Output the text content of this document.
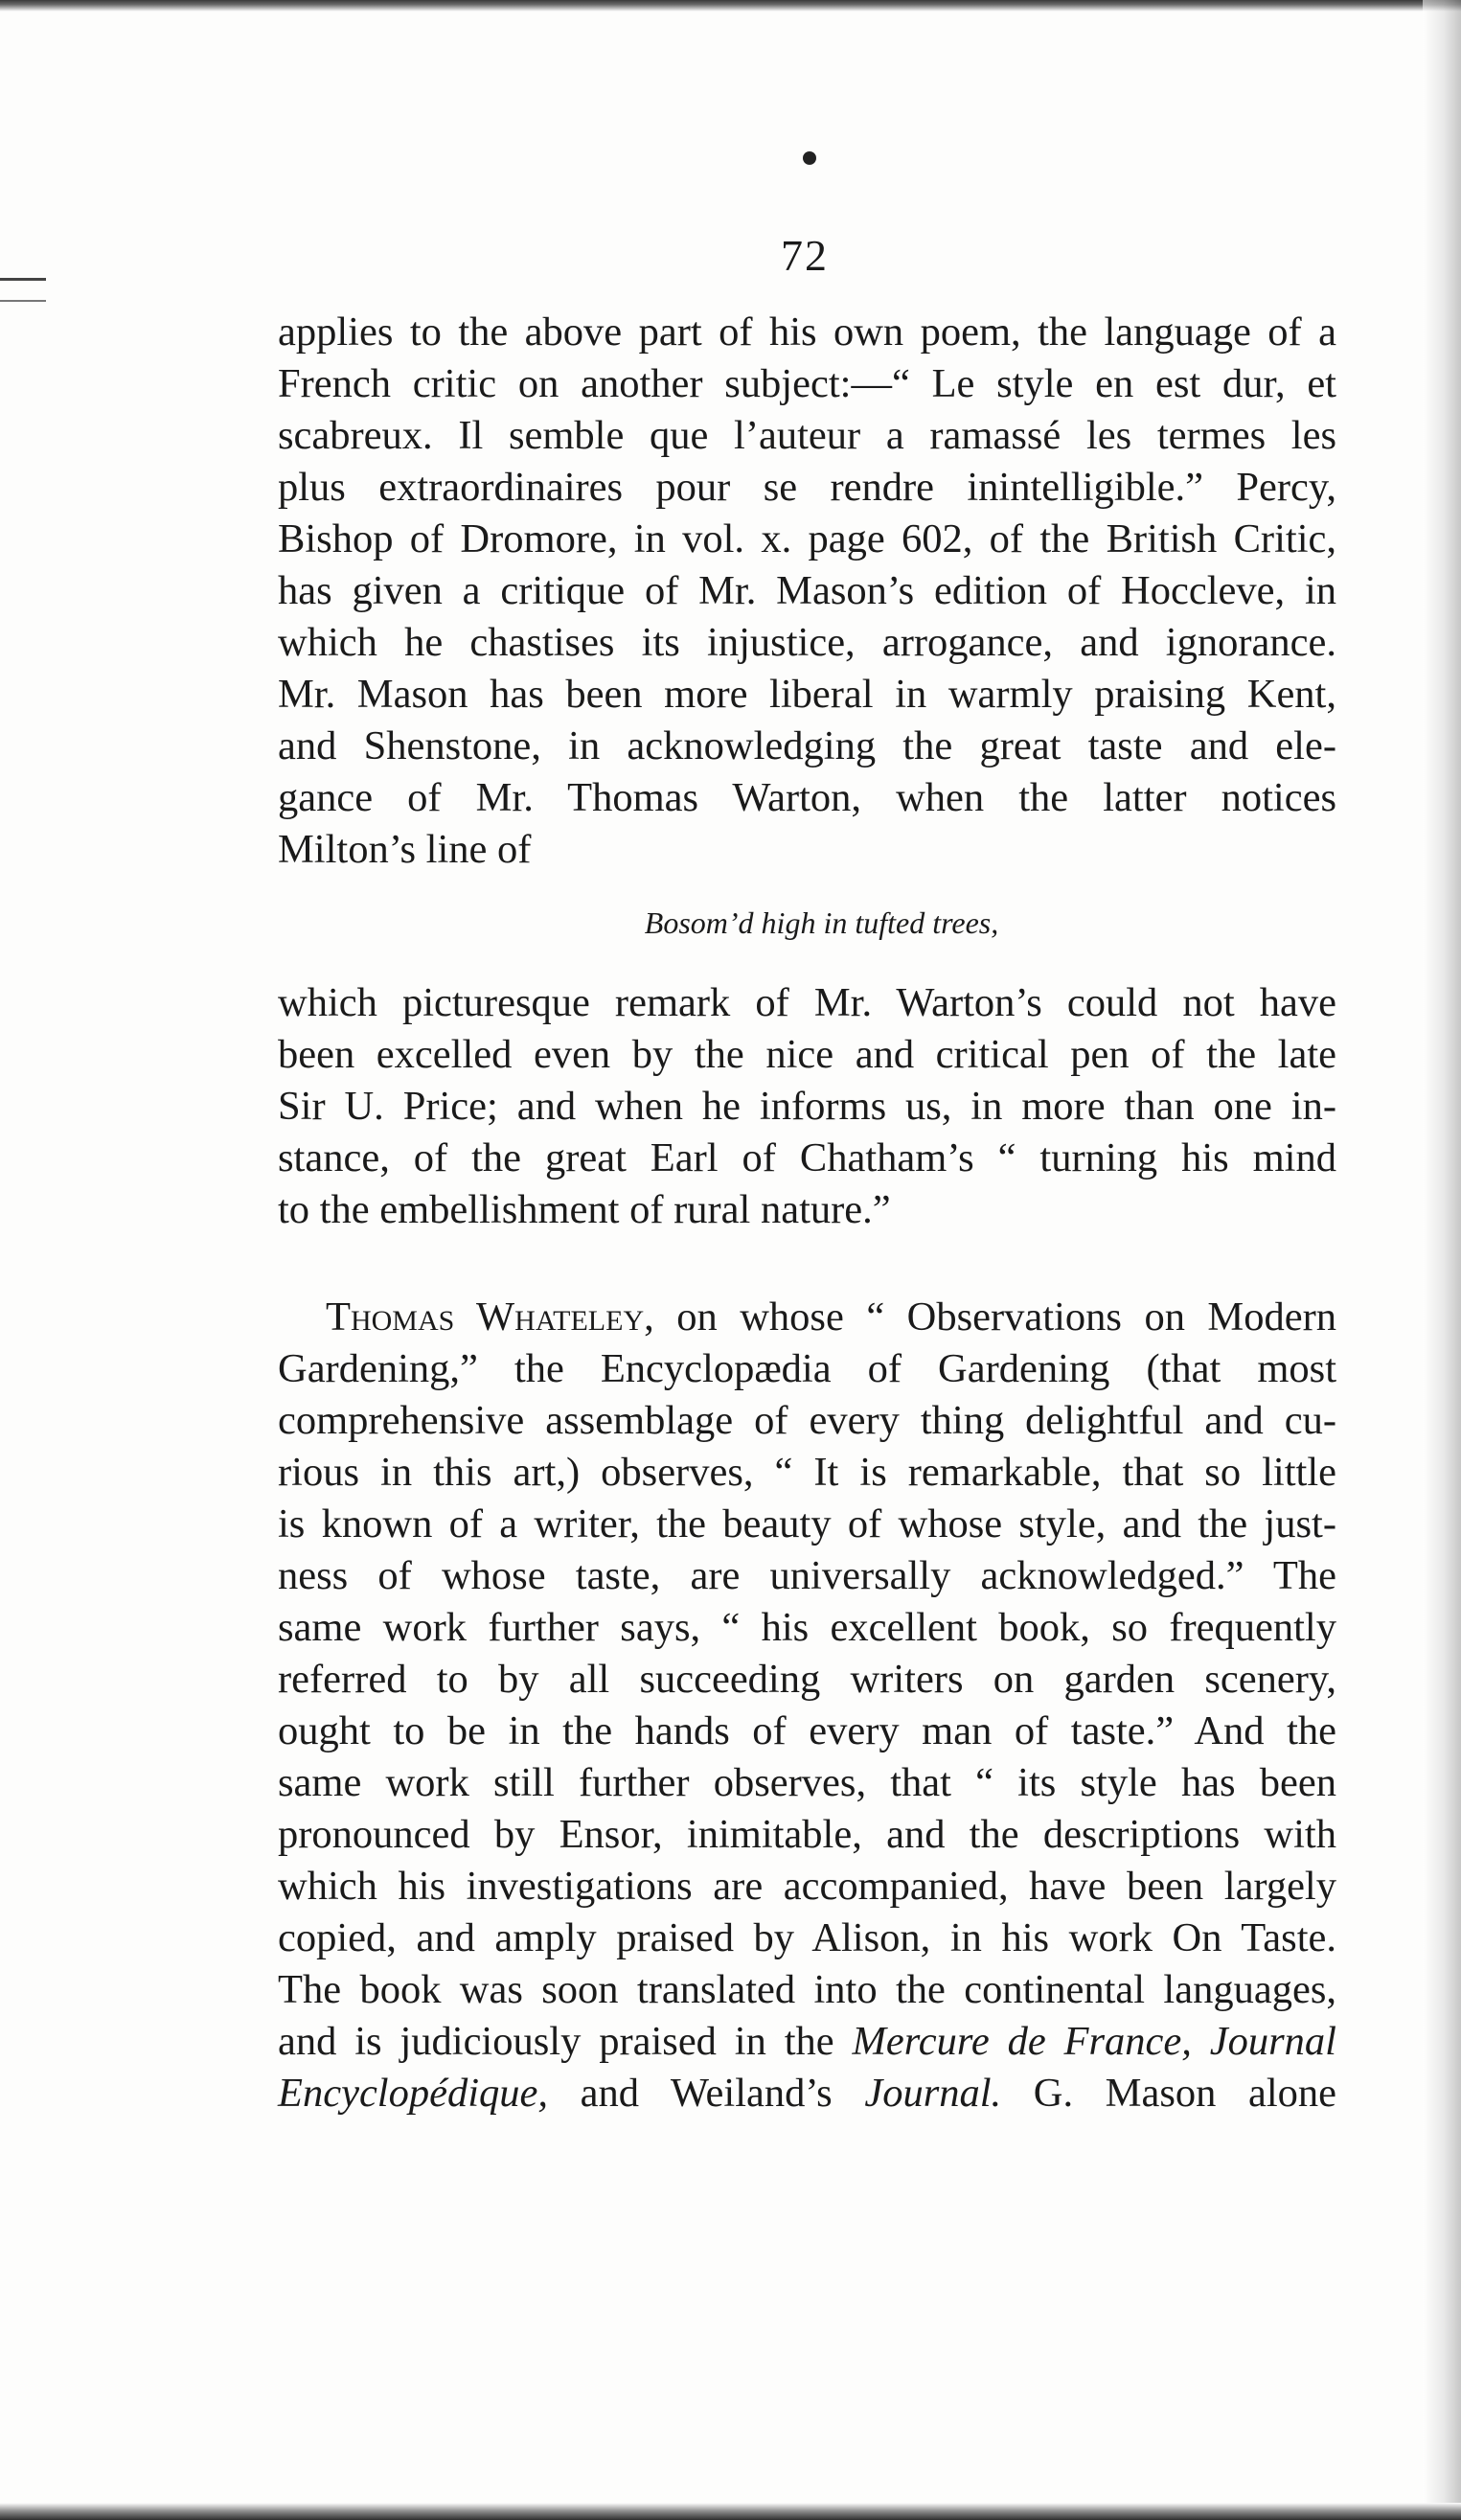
72
applies to the above part of his own poem, the language of a
French critic on another subject:—“ Le style en est dur, et
scabreux. Il semble que l’auteur a ramassé les termes les
plus extraordinaires pour se rendre inintelligible.” Percy,
Bishop of Dromore, in vol. x. page 602, of the British Critic,
has given a critique of Mr. Mason’s edition of Hoccleve, in
which he chastises its injustice, arrogance, and ignorance.
Mr. Mason has been more liberal in warmly praising Kent,
and Shenstone, in acknowledging the great taste and ele-
gance of Mr. Thomas Warton, when the latter notices
Milton’s line of
Bosom’d high in tufted trees,
which picturesque remark of Mr. Warton’s could not have
been excelled even by the nice and critical pen of the late
Sir U. Price; and when he informs us, in more than one in-
stance, of the great Earl of Chatham’s “ turning his mind
to the embellishment of rural nature.”
Thomas Whateley, on whose “ Observations on Modern
Gardening,” the Encyclopædia of Gardening (that most
comprehensive assemblage of every thing delightful and cu-
rious in this art,) observes, “ It is remarkable, that so little
is known of a writer, the beauty of whose style, and the just-
ness of whose taste, are universally acknowledged.” The
same work further says, “ his excellent book, so frequently
referred to by all succeeding writers on garden scenery,
ought to be in the hands of every man of taste.” And the
same work still further observes, that “ its style has been
pronounced by Ensor, inimitable, and the descriptions with
which his investigations are accompanied, have been largely
copied, and amply praised by Alison, in his work On Taste.
The book was soon translated into the continental languages,
and is judiciously praised in the Mercure de France, Journal
Encyclopédique, and Weiland’s Journal. G. Mason alone
